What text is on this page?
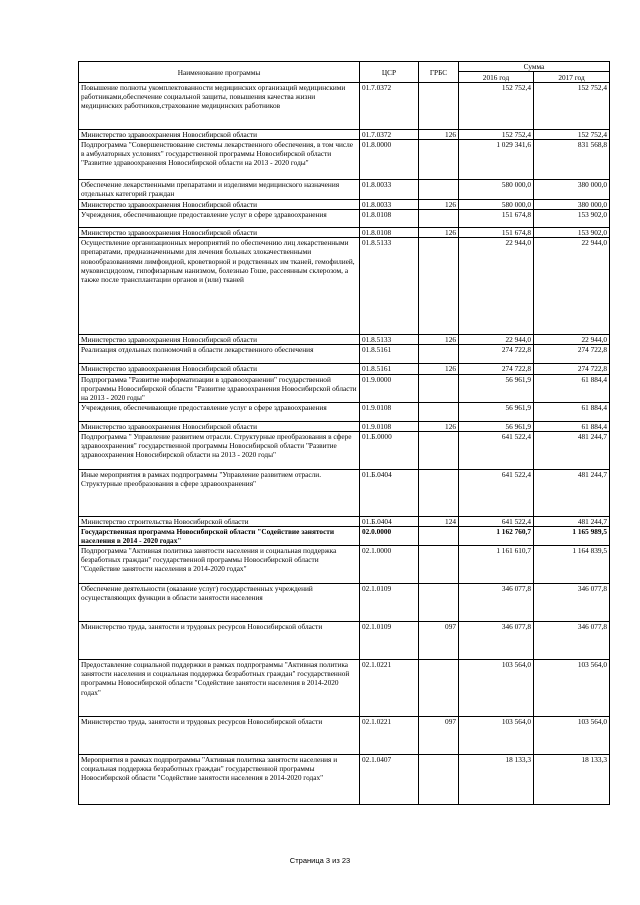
Наименование программы	ЦСР	ГРБС	Сумма	
			2016 год	2017 год
Повышение полноты укомплектованности медицинских организаций медицинскими работниками,обеспечение социальной защиты, повышения качества жизни медицинских работников,страхование медицинских работников	01.7.0372		152 752,4	152 752,4
Министерство здравоохранения Новосибирской области	01.7.0372	126	152 752,4	152 752,4
Подпрограмма "Совершенствование системы лекарственного обеспечения, в том числе в амбулаторных условиях" государственной программы Новосибирской области "Развитие здравоохранения Новосибирской области на 2013 - 2020 годы"	01.8.0000		1 029 341,6	831 568,8
Обеспечение лекарственными препаратами и изделиями медицинского назначения отдельных категорий граждан	01.8.0033		580 000,0	380 000,0
Министерство здравоохранения Новосибирской области	01.8.0033	126	580 000,0	380 000,0
Учреждения, обеспечивающие предоставление услуг в сфере здравоохранения	01.8.0108		151 674,8	153 902,0
Министерство здравоохранения Новосибирской области	01.8.0108	126	151 674,8	153 902,0
Осуществление организационных мероприятий по обеспечению лиц лекарственными препаратами, предназначенными для лечения больных злокачественными новообразованиями лимфоидной, кроветворной и родственных им тканей, гемофилией, муковисцидозом, гипофизарным нанизмом, болезнью Гоше, рассеянным склерозом, а также после трансплантации органов и (или) тканей	01.8.5133		22 944,0	22 944,0
Министерство здравоохранения Новосибирской области	01.8.5133	126	22 944,0	22 944,0
Реализация отдельных полномочий в области лекарственного обеспечения	01.8.5161		274 722,8	274 722,8
Министерство здравоохранения Новосибирской области	01.8.5161	126	274 722,8	274 722,8
Подпрограмма "Развитие информатизации в здравоохранении" государственной программы Новосибирской области "Развитие здравоохранения Новосибирской области на 2013 - 2020 годы"	01.9.0000		56 961,9	61 884,4
Учреждения, обеспечивающие предоставление услуг в сфере здравоохранения	01.9.0108		56 961,9	61 884,4
Министерство здравоохранения Новосибирской области	01.9.0108	126	56 961,9	61 884,4
Подпрограмма " Управление развитием отрасли. Структурные преобразования в сфере здравоохранения" государственной программы Новосибирской области "Развитие здравоохранения Новосибирской области на 2013 - 2020 годы"	01.Б.0000		641 522,4	481 244,7
Иные мероприятия в рамках подпрограммы "Управление развитием отрасли. Структурные преобразования в сфере здравоохранения"	01.Б.0404		641 522,4	481 244,7
Министерство строительства Новосибирской области	01.Б.0404	124	641 522,4	481 244,7
Государственная программа Новосибирской области "Содействие занятости населения в 2014 - 2020 годах"	02.0.0000		1 162 760,7	1 165 989,5
Подпрограмма "Активная политика занятости населения и социальная поддержка безработных граждан" государственной программы Новосибирской области "Содействие занятости населения в 2014-2020 годах"	02.1.0000		1 161 610,7	1 164 839,5
Обеспечение деятельности (оказание услуг) государственных учреждений осуществляющих функции в области занятости населения	02.1.0109		346 077,8	346 077,8
Министерство труда, занятости и трудовых ресурсов Новосибирской области	02.1.0109	097	346 077,8	346 077,8
Предоставление социальной поддержки в рамках подпрограммы "Активная политика занятости населения и социальная поддержка безработных граждан" государственной программы Новосибирской области "Содействие занятости населения в 2014-2020 годах"	02.1.0221		103 564,0	103 564,0
Министерство труда, занятости и трудовых ресурсов Новосибирской области	02.1.0221	097	103 564,0	103 564,0
Мероприятия в рамках подпрограммы "Активная политика занятости населения и социальная поддержка безработных граждан" государственной программы Новосибирской области "Содействие занятости населения в 2014-2020 годах"	02.1.0407		18 133,3	18 133,3
Страница 3 из 23
